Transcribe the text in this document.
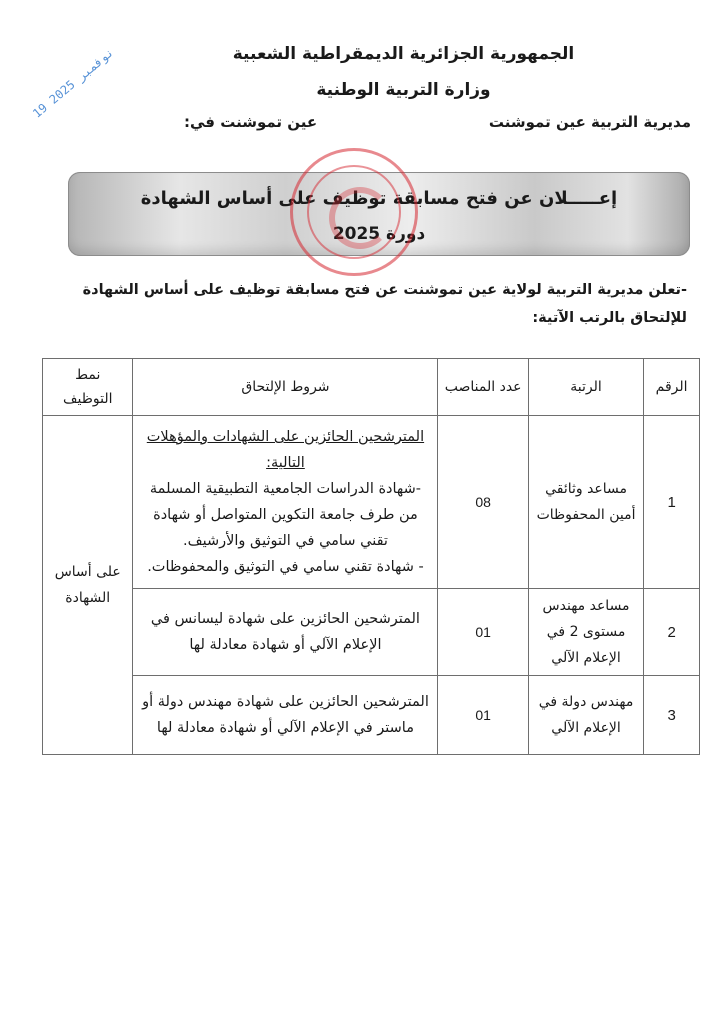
الجمهورية الجزائرية الديمقراطية الشعبية
وزارة التربية الوطنية
مديرية التربية عين تموشنت
عين تموشنت في:
19 نوفمبر 2025
إعـــــلان عن فتح مسابقة توظيف على أساس الشهادة
دورة 2025
-تعلن مديرية التربية لولاية عين تموشنت عن فتح مسابقة توظيف على أساس الشهادة للإلتحاق بالرتب الآتية:
الرقم	الرتبة	عدد المناصب	شروط الإلتحاق	نمط التوظيف
1	مساعد وثائقي أمين المحفوظات	08	المترشحين الحائزين على الشهادات والمؤهلات التالية:
-شهادة الدراسات الجامعية التطبيقية المسلمة من طرف جامعة التكوين المتواصل أو شهادة تقني سامي في التوثيق والأرشيف.
- شهادة تقني سامي في التوثيق والمحفوظات.	على أساس الشهادة
2	مساعد مهندس مستوى 2 في الإعلام الآلي	01	المترشحين الحائزين على شهادة ليسانس في الإعلام الآلي أو شهادة معادلة لها	
3	مهندس دولة في الإعلام الآلي	01	المترشحين الحائزين على شهادة مهندس دولة أو ماستر في الإعلام الآلي أو شهادة معادلة لها	
